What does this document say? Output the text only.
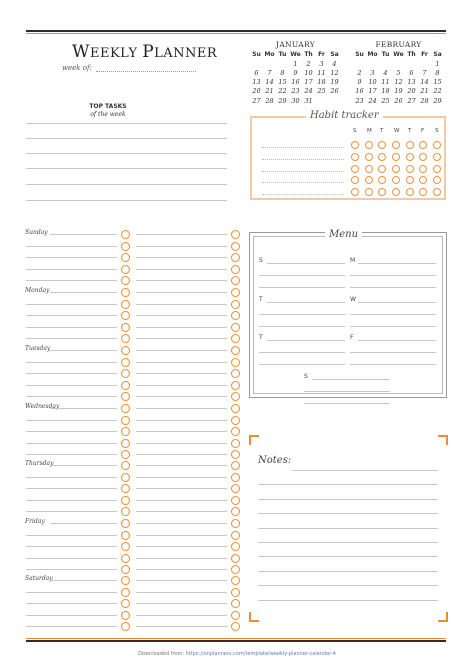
WEEKLY PLANNER
week of:
JANUARY
Su	Mo	Tu	We	Th	Fr	Sa
			1	2	3	4
6	7	8	9	10	11	12
13	14	15	16	17	18	19
20	21	22	23	24	25	26
27	28	29	30	31		
FEBRUARY
Su	Mo	Tu	We	Th	Fr	Sa
						1
2	3	4	5	6	7	8
9	10	11	12	13	14	15
16	17	18	19	20	21	22
23	24	25	26	27	28	29
TOP TASKS
of the week	Habit tracker
S M T W T F S
Sunday
Monday
Tuesday
Wednesday
Thursday
Friday
Saturday
Menu
S	M
T	W
T	F
S
Notes:
Downloaded from: https://onplanners.com/template/weekly-planner-calendar-4
